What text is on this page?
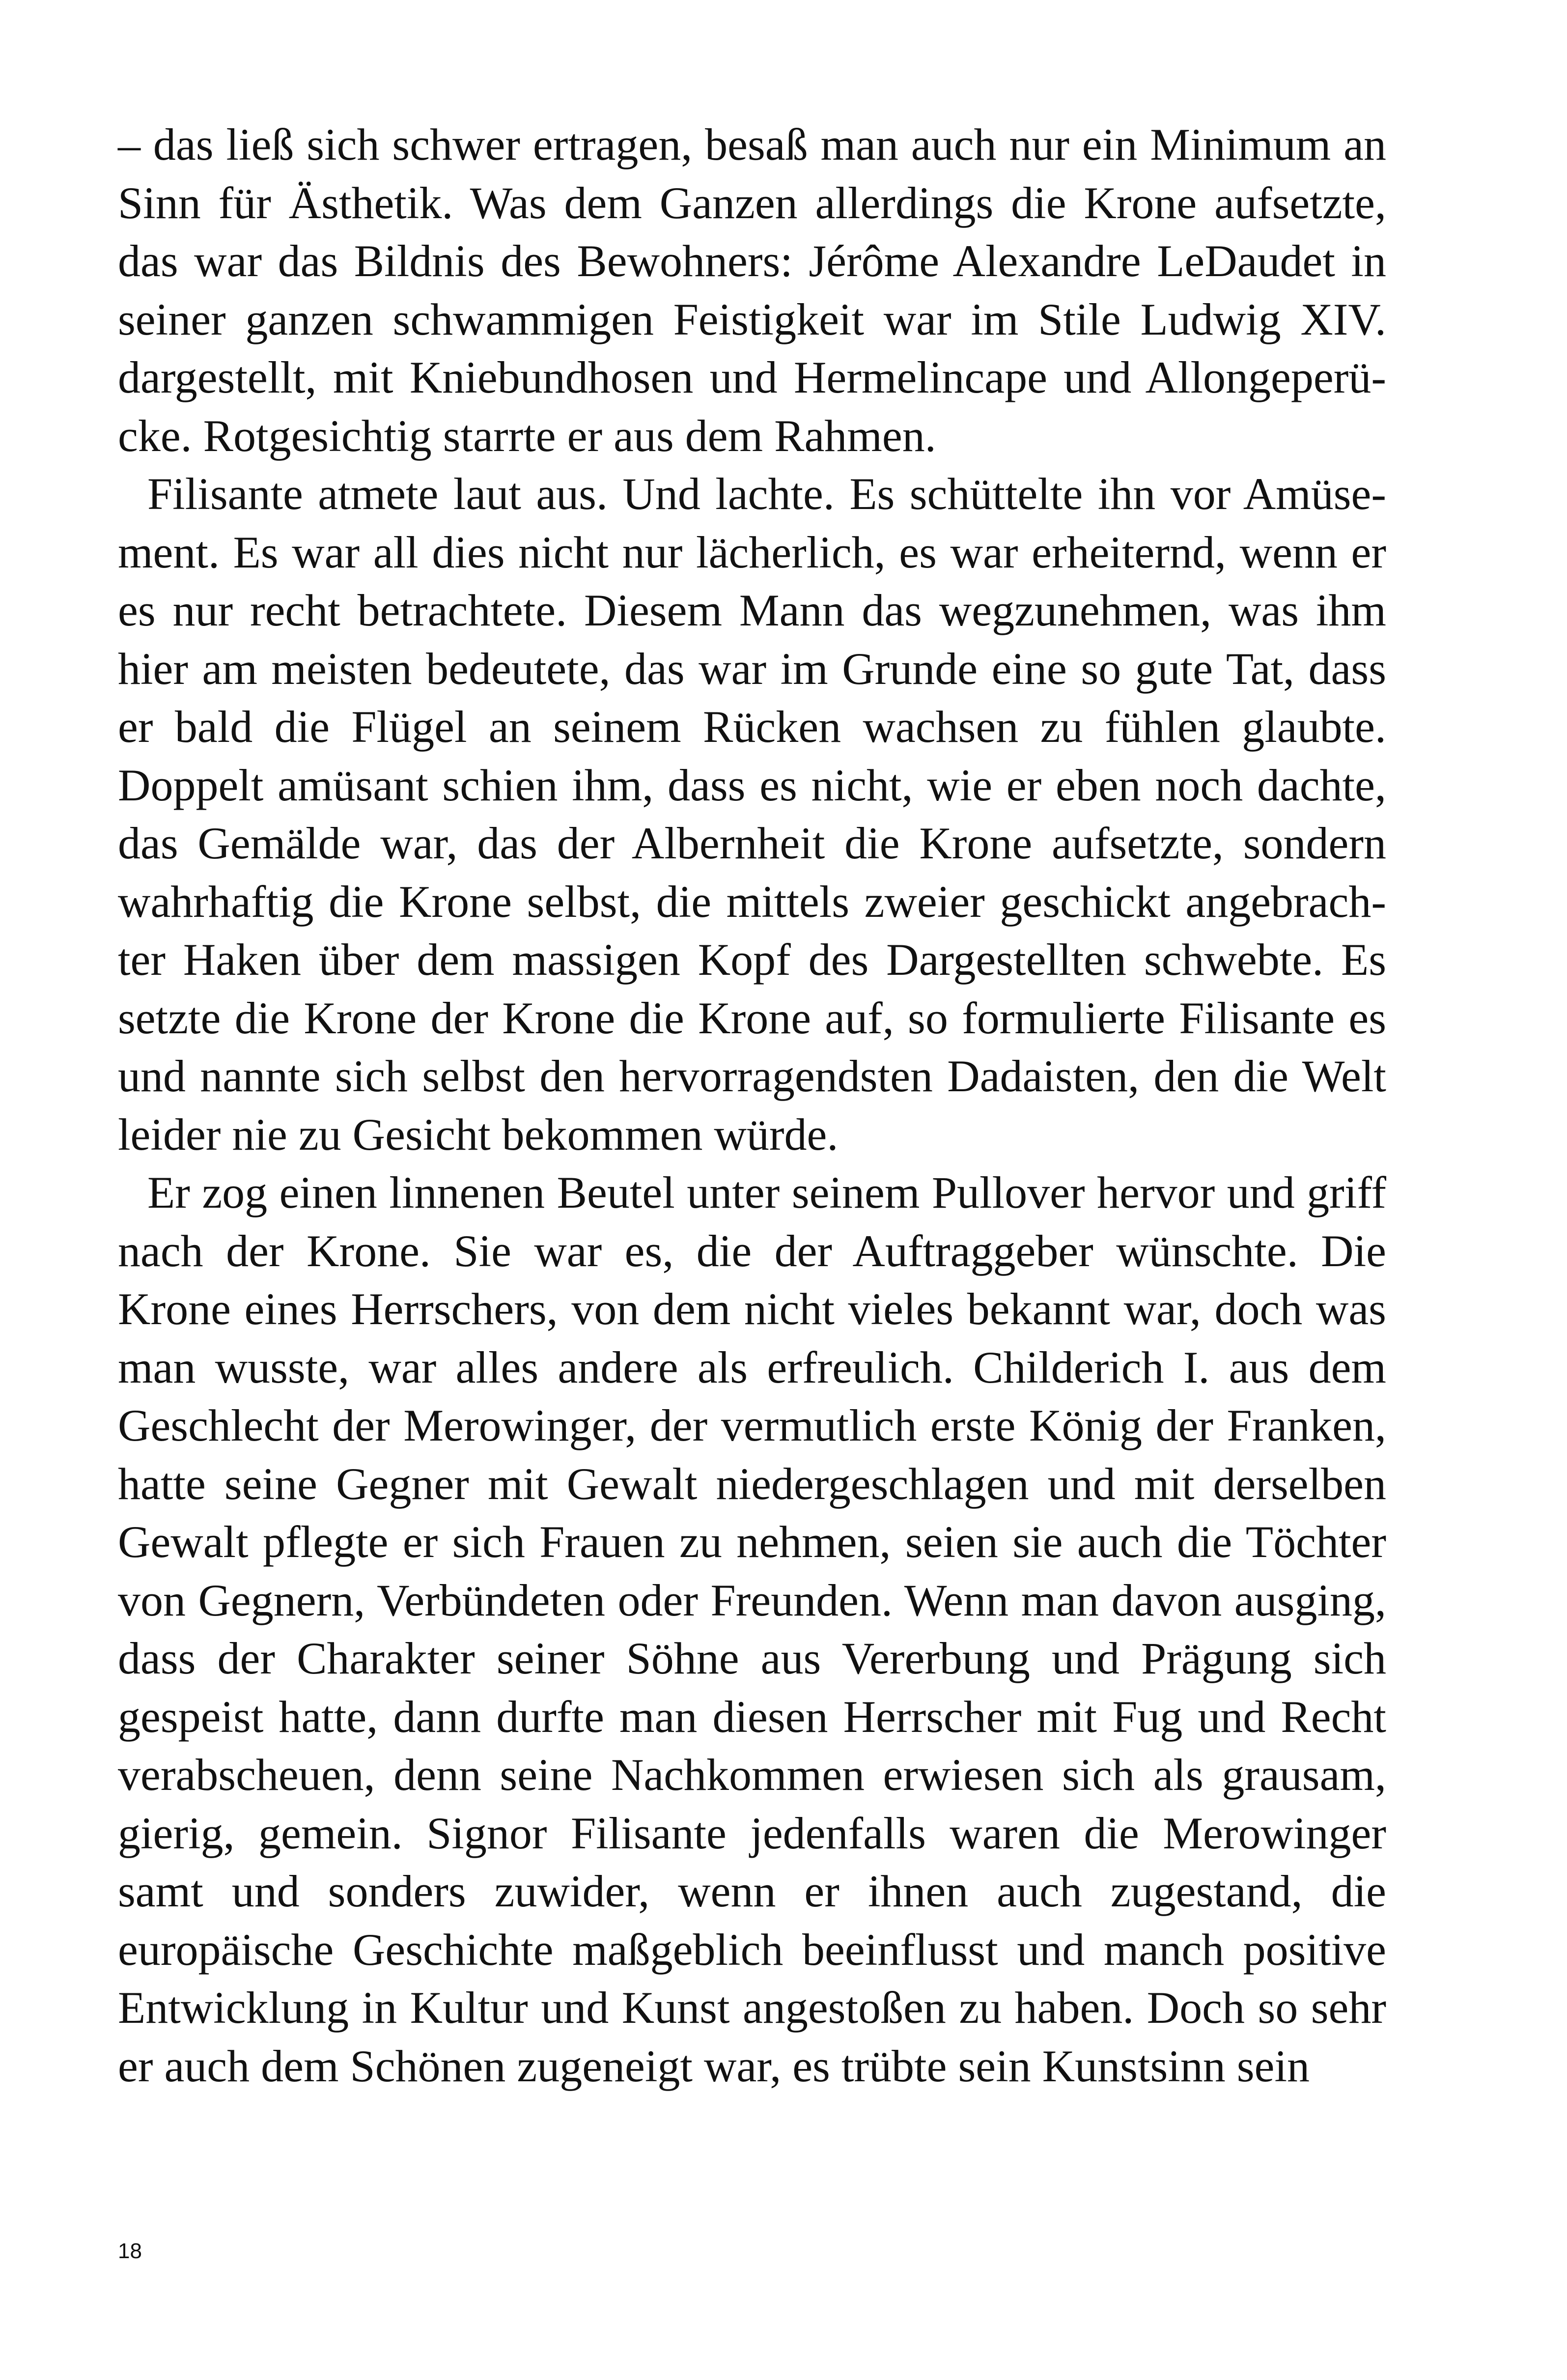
– das ließ sich schwer ertragen, besaß man auch nur ein Minimum an Sinn für Ästhetik. Was dem Ganzen allerdings die Krone aufsetzte, das war das Bildnis des Bewohners: Jérôme Alexandre LeDaudet in seiner ganzen schwammigen Feistigkeit war im Stile Ludwig XIV. dargestellt, mit Kniebundhosen und Hermelincape und Allongeperücke. Rotgesichtig starrte er aus dem Rahmen.

Filisante atmete laut aus. Und lachte. Es schüttelte ihn vor Amüsement. Es war all dies nicht nur lächerlich, es war erheiternd, wenn er es nur recht betrachtete. Diesem Mann das wegzunehmen, was ihm hier am meisten bedeutete, das war im Grunde eine so gute Tat, dass er bald die Flügel an seinem Rücken wachsen zu fühlen glaubte. Doppelt amüsant schien ihm, dass es nicht, wie er eben noch dachte, das Gemälde war, das der Albernheit die Krone aufsetzte, sondern wahrhaftig die Krone selbst, die mittels zweier geschickt angebrachter Haken über dem massigen Kopf des Dargestellten schwebte. Es setzte die Krone der Krone die Krone auf, so formulierte Filisante es und nannte sich selbst den hervorragendsten Dadaisten, den die Welt leider nie zu Gesicht bekommen würde.

Er zog einen linnenen Beutel unter seinem Pullover hervor und griff nach der Krone. Sie war es, die der Auftraggeber wünschte. Die Krone eines Herrschers, von dem nicht vieles bekannt war, doch was man wusste, war alles andere als erfreulich. Childerich I. aus dem Geschlecht der Merowinger, der vermutlich erste König der Franken, hatte seine Gegner mit Gewalt niedergeschlagen und mit derselben Gewalt pflegte er sich Frauen zu nehmen, seien sie auch die Töchter von Gegnern, Verbündeten oder Freunden. Wenn man davon ausging, dass der Charakter seiner Söhne aus Vererbung und Prägung sich gespeist hatte, dann durfte man diesen Herrscher mit Fug und Recht verabscheuen, denn seine Nachkommen erwiesen sich als grausam, gierig, gemein. Signor Filisante jedenfalls waren die Merowinger samt und sonders zuwider, wenn er ihnen auch zugestand, die europäische Geschichte maßgeblich beeinflusst und manch positive Entwicklung in Kultur und Kunst angestoßen zu haben. Doch so sehr er auch dem Schönen zugeneigt war, es trübte sein Kunstsinn sein

18
